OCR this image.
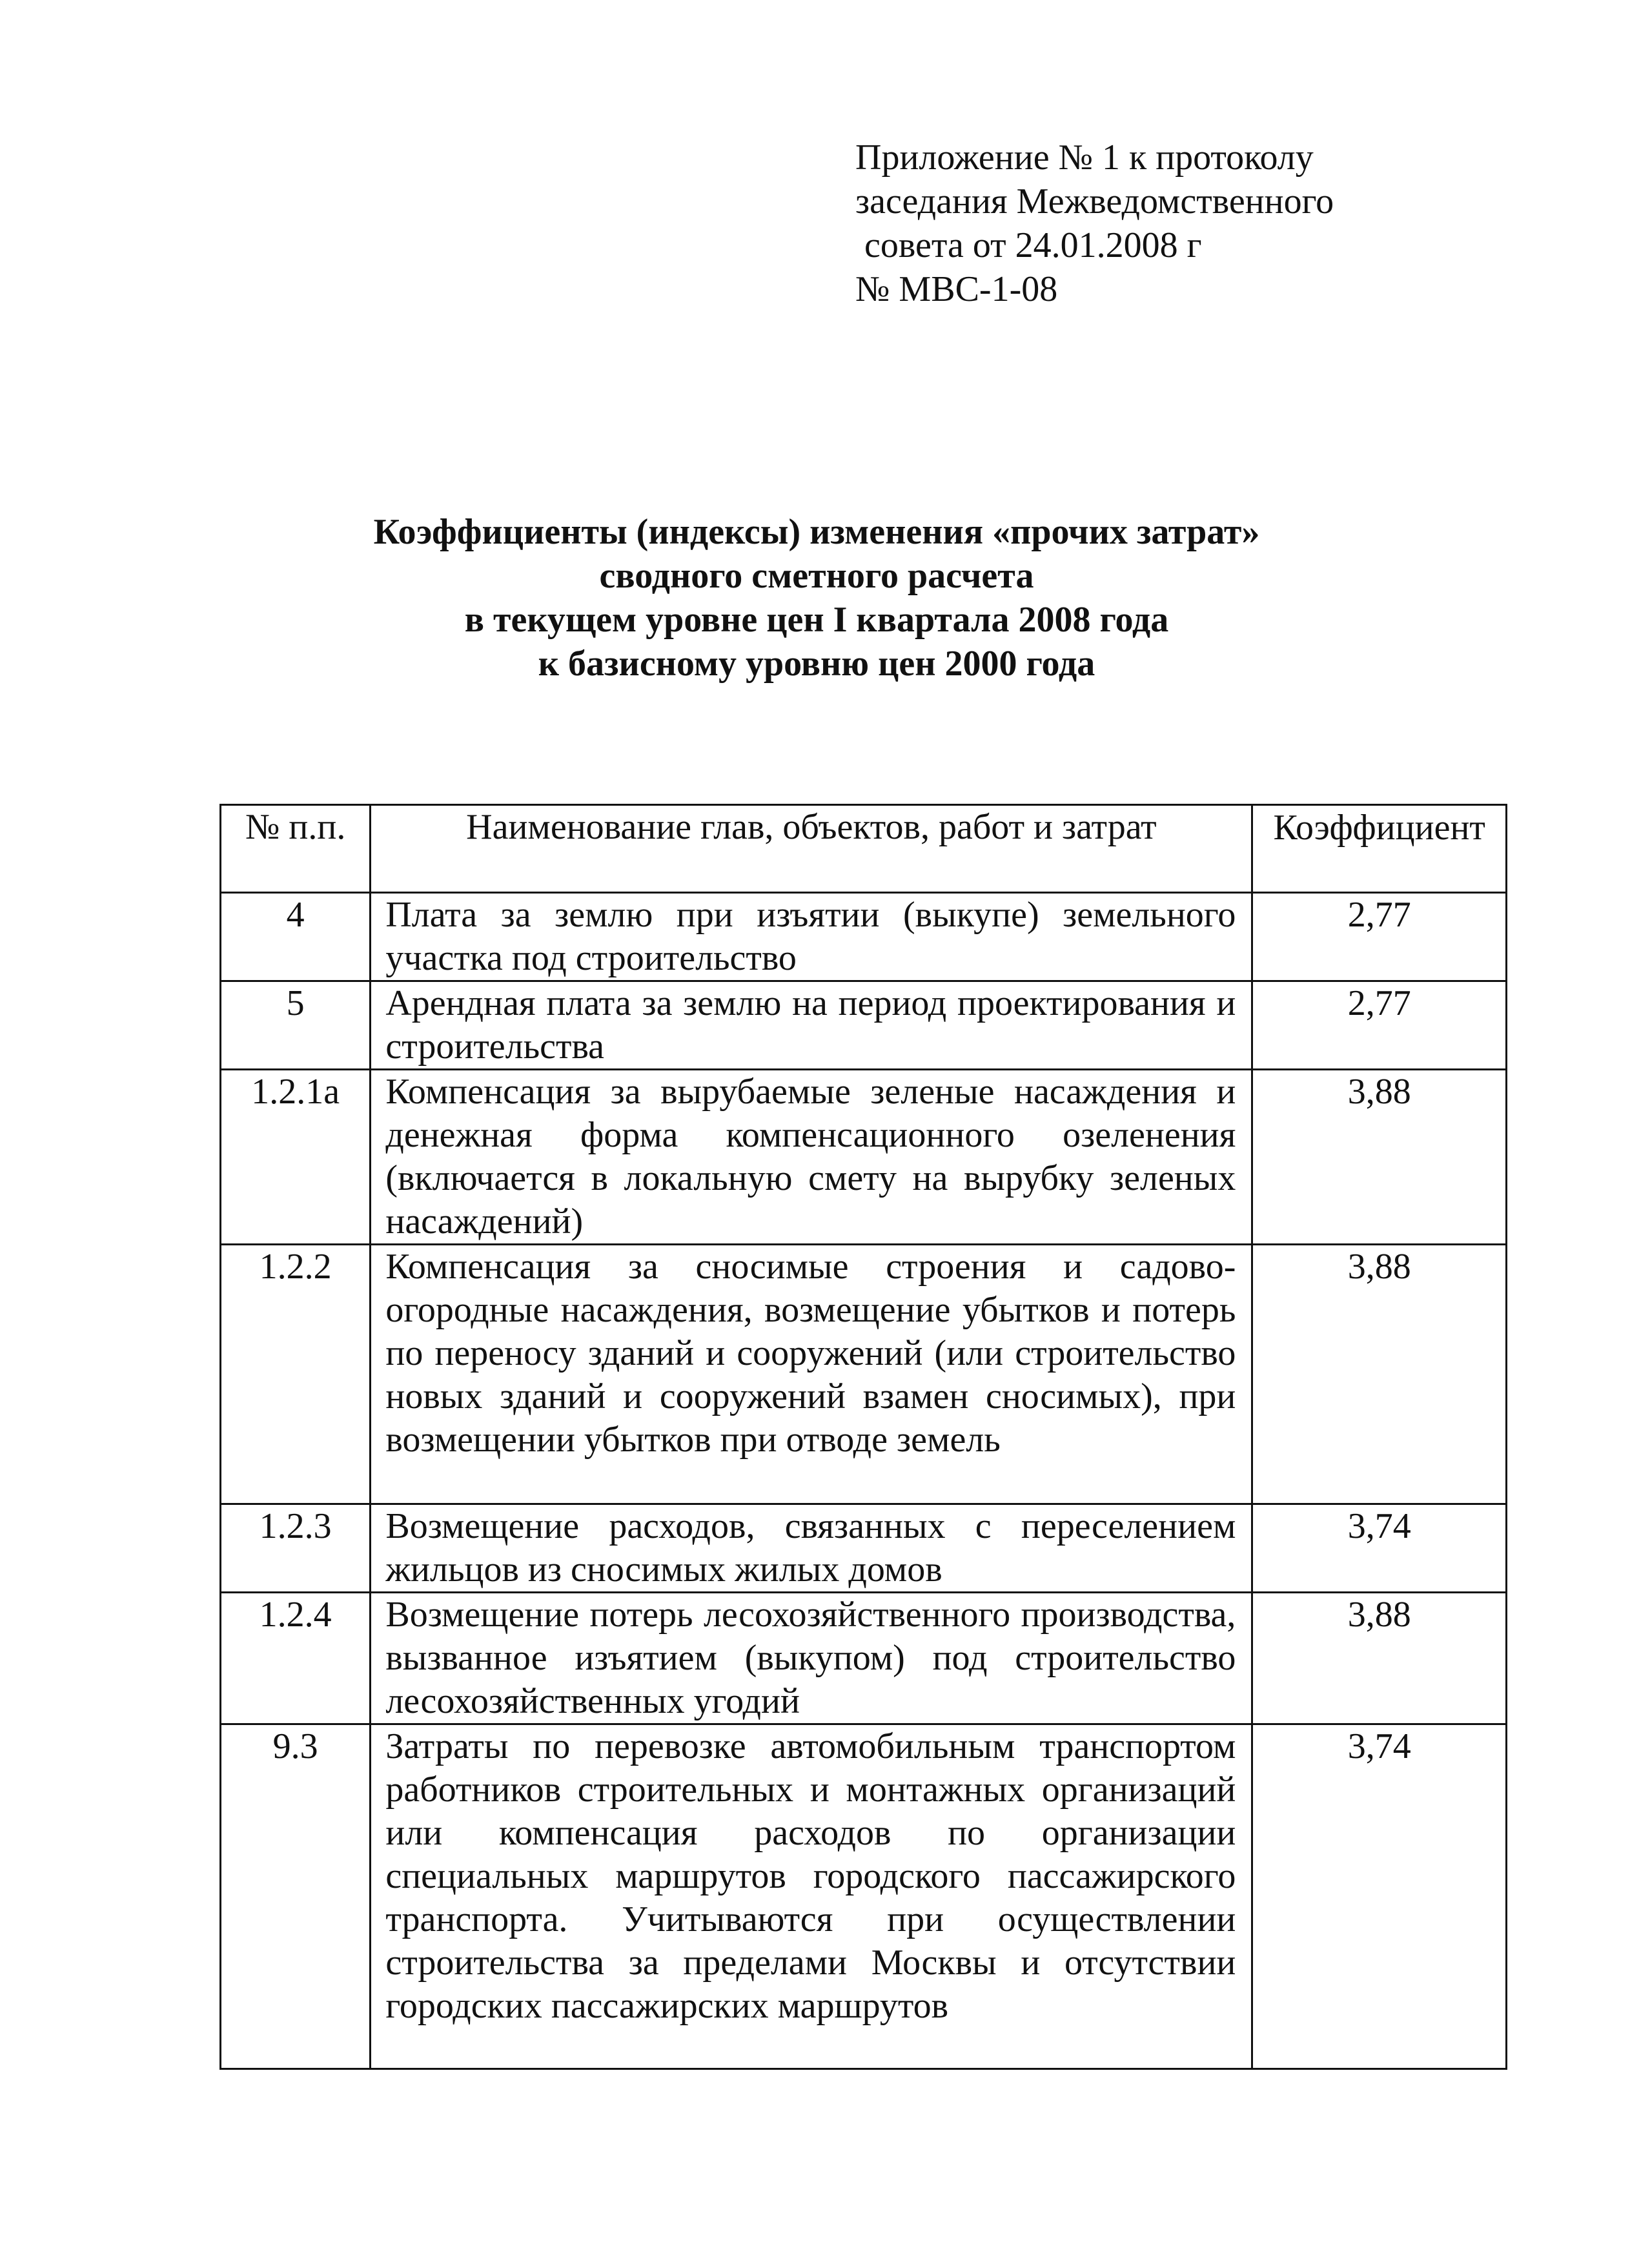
Приложение № 1 к протоколу
заседания Межведомственного
совета от 24.01.2008 г
№ МВС-1-08
Коэффициенты (индексы) изменения «прочих затрат»
сводного сметного расчета
в текущем уровне цен I квартала 2008 года
к базисному уровню цен 2000 года
№ п.п.	Наименование глав, объектов, работ и затрат	Коэффициент

4	Плата за землю при изъятии (выкупе) земельного участка под строительство	2,77

5	Арендная плата за землю на период проектирования и строительства	2,77

1.2.1а	Компенсация за вырубаемые зеленые насаждения и денежная форма компенсационного озеленения (включается в локальную смету на вырубку зеленых насаждений)	3,88

1.2.2	Компенсация за сносимые строения и садово-огородные насаждения, возмещение убытков и потерь по переносу зданий и сооружений (или строительство новых зданий и сооружений взамен сносимых), при возмещении убытков при отводе земель	3,88

1.2.3	Возмещение расходов, связанных с переселением жильцов из сносимых жилых домов	3,74

1.2.4	Возмещение потерь лесохозяйственного производства, вызванное изъятием (выкупом) под строительство лесохозяйственных угодий	3,88

9.3	Затраты по перевозке автомобильным транспортом работников строительных и монтажных организаций или компенсация расходов по организации специальных маршрутов городского пассажирского транспорта. Учитываются при осуществлении строительства за пределами Москвы и отсутствии городских пассажирских маршрутов	3,74
